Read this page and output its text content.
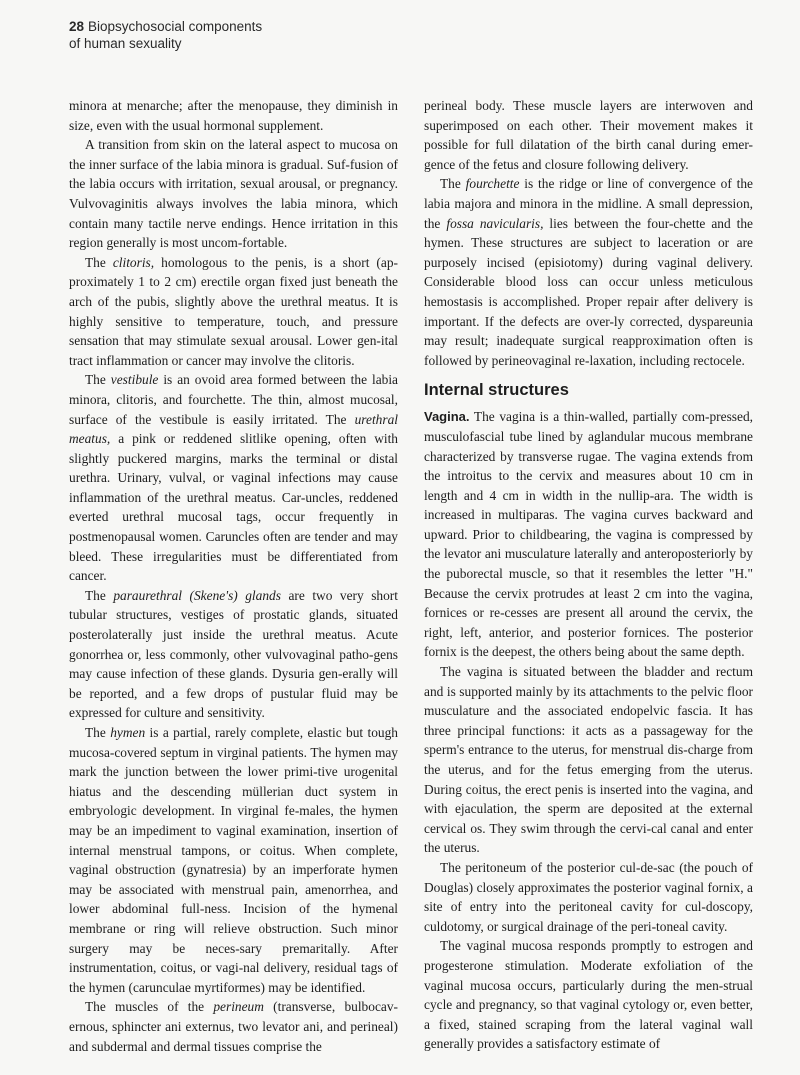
28 Biopsychosocial components
of human sexuality

minora at menarche; after the menopause, they diminish in size, even with the usual hormonal supplement.

A transition from skin on the lateral aspect to mucosa on the inner surface of the labia minora is gradual. Suf-fusion of the labia occurs with irritation, sexual arousal, or pregnancy. Vulvovaginitis always involves the labia minora, which contain many tactile nerve endings. Hence irritation in this region generally is most uncom-fortable.

The clitoris, homologous to the penis, is a short (ap-proximately 1 to 2 cm) erectile organ fixed just beneath the arch of the pubis, slightly above the urethral meatus. It is highly sensitive to temperature, touch, and pressure sensation that may stimulate sexual arousal. Lower gen-ital tract inflammation or cancer may involve the clitoris.

The vestibule is an ovoid area formed between the labia minora, clitoris, and fourchette. The thin, almost mucosal, surface of the vestibule is easily irritated. The urethral meatus, a pink or reddened slitlike opening, often with slightly puckered margins, marks the terminal or distal urethra. Urinary, vulval, or vaginal infections may cause inflammation of the urethral meatus. Car-uncles, reddened everted urethral mucosal tags, occur frequently in postmenopausal women. Caruncles often are tender and may bleed. These irregularities must be differentiated from cancer.

The paraurethral (Skene's) glands are two very short tubular structures, vestiges of prostatic glands, situated posterolaterally just inside the urethral meatus. Acute gonorrhea or, less commonly, other vulvovaginal patho-gens may cause infection of these glands. Dysuria gen-erally will be reported, and a few drops of pustular fluid may be expressed for culture and sensitivity.

The hymen is a partial, rarely complete, elastic but tough mucosa-covered septum in virginal patients. The hymen may mark the junction between the lower primi-tive urogenital hiatus and the descending müllerian duct system in embryologic development. In virginal fe-males, the hymen may be an impediment to vaginal examination, insertion of internal menstrual tampons, or coitus. When complete, vaginal obstruction (gynatresia) by an imperforate hymen may be associated with menstrual pain, amenorrhea, and lower abdominal full-ness. Incision of the hymenal membrane or ring will relieve obstruction. Such minor surgery may be neces-sary premaritally. After instrumentation, coitus, or vagi-nal delivery, residual tags of the hymen (carunculae myrtiformes) may be identified.

The muscles of the perineum (transverse, bulbocav-ernous, sphincter ani externus, two levator ani, and perineal) and subdermal and dermal tissues comprise the

perineal body. These muscle layers are interwoven and superimposed on each other. Their movement makes it possible for full dilatation of the birth canal during emer-gence of the fetus and closure following delivery.

The fourchette is the ridge or line of convergence of the labia majora and minora in the midline. A small depression, the fossa navicularis, lies between the four-chette and the hymen. These structures are subject to laceration or are purposely incised (episiotomy) during vaginal delivery. Considerable blood loss can occur unless meticulous hemostasis is accomplished. Proper repair after delivery is important. If the defects are over-ly corrected, dyspareunia may result; inadequate surgical reapproximation often is followed by perineovaginal re-laxation, including rectocele.

Internal structures

Vagina. The vagina is a thin-walled, partially com-pressed, musculofascial tube lined by aglandular mucous membrane characterized by transverse rugae. The vagina extends from the introitus to the cervix and measures about 10 cm in length and 4 cm in width in the nullip-ara. The width is increased in multiparas. The vagina curves backward and upward. Prior to childbearing, the vagina is compressed by the levator ani musculature laterally and anteroposteriorly by the puborectal muscle, so that it resembles the letter "H." Because the cervix protrudes at least 2 cm into the vagina, fornices or re-cesses are present all around the cervix, the right, left, anterior, and posterior fornices. The posterior fornix is the deepest, the others being about the same depth.

The vagina is situated between the bladder and rectum and is supported mainly by its attachments to the pelvic floor musculature and the associated endopelvic fascia. It has three principal functions: it acts as a passageway for the sperm's entrance to the uterus, for menstrual dis-charge from the uterus, and for the fetus emerging from the uterus. During coitus, the erect penis is inserted into the vagina, and with ejaculation, the sperm are deposited at the external cervical os. They swim through the cervi-cal canal and enter the uterus.

The peritoneum of the posterior cul-de-sac (the pouch of Douglas) closely approximates the posterior vaginal fornix, a site of entry into the peritoneal cavity for cul-doscopy, culdotomy, or surgical drainage of the peri-toneal cavity.

The vaginal mucosa responds promptly to estrogen and progesterone stimulation. Moderate exfoliation of the vaginal mucosa occurs, particularly during the men-strual cycle and pregnancy, so that vaginal cytology or, even better, a fixed, stained scraping from the lateral vaginal wall generally provides a satisfactory estimate of
